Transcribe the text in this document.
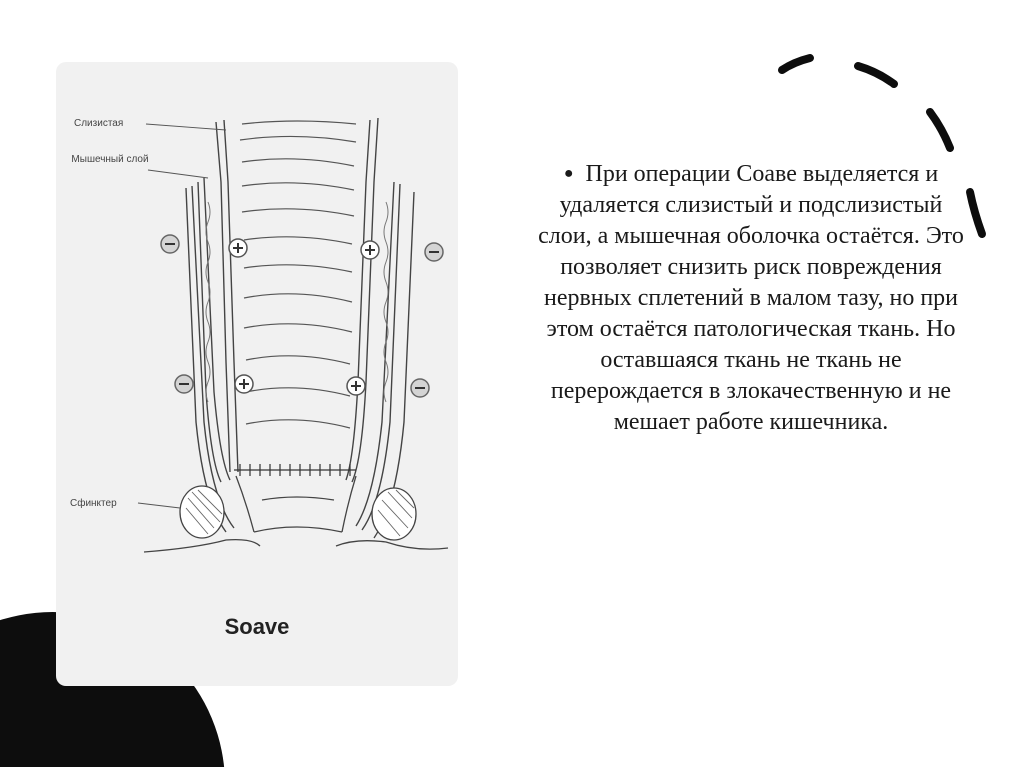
Слизистая
Мышечный слой
Сфинктер
Soave
● При операции Соаве выделяется и удаляется слизистый и подслизистый слои, а мышечная оболочка остаётся. Это позволяет снизить риск повреждения нервных сплетений в малом тазу, но при этом остаётся патологическая ткань. Но оставшаяся ткань не ткань не перерождается в злокачественную и не мешает работе кишечника.
